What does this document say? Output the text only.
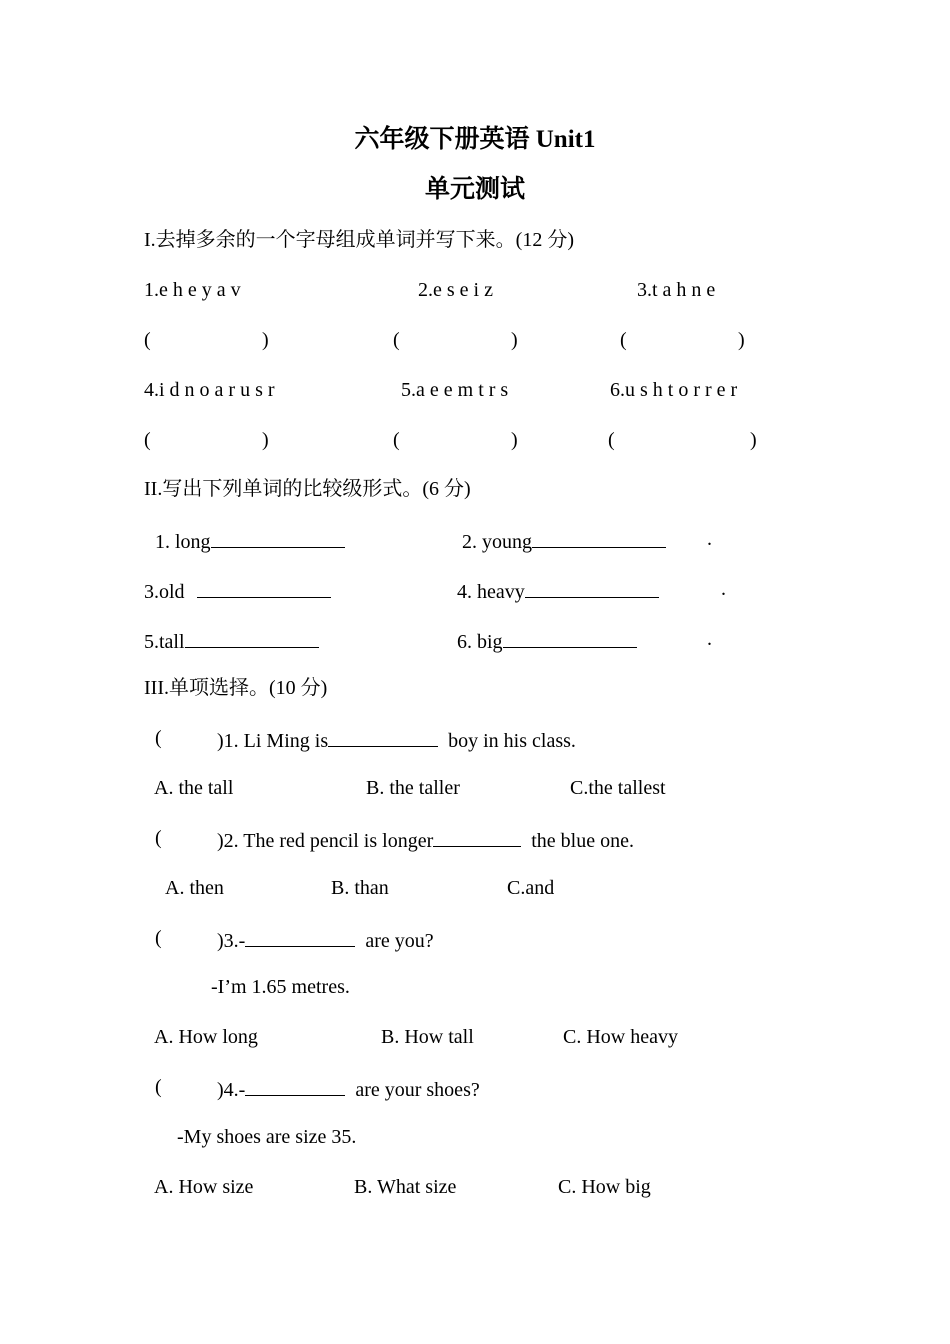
六年级下册英语 Unit1
单元测试
I.去掉多余的一个字母组成单词并写下来。(12 分)
1.e h e y a v	2.e s e i z	3.t a h n e
(	)	(	)	(	)
4.i d n o a r u s r	5.a e e m t r s	6.u s h t o r r e r
(	)	(	)	(	)
II.写出下列单词的比较级形式。(6 分)
1. long	2. young	.
3.old	4. heavy	.
5.tall	6. big	.
III.单项选择。(10 分)
(	)1. Li Ming is	boy in his class.
A. the tall	B. the taller	C.the tallest
(	)2. The red pencil is longer	the blue one.
A. then	B. than	C.and
(	)3.-	are you?
-I’m 1.65 metres.
A. How long	B. How tall	C. How heavy
(	)4.-	are your shoes?
-My shoes are size 35.
A. How size	B. What size	C. How big
